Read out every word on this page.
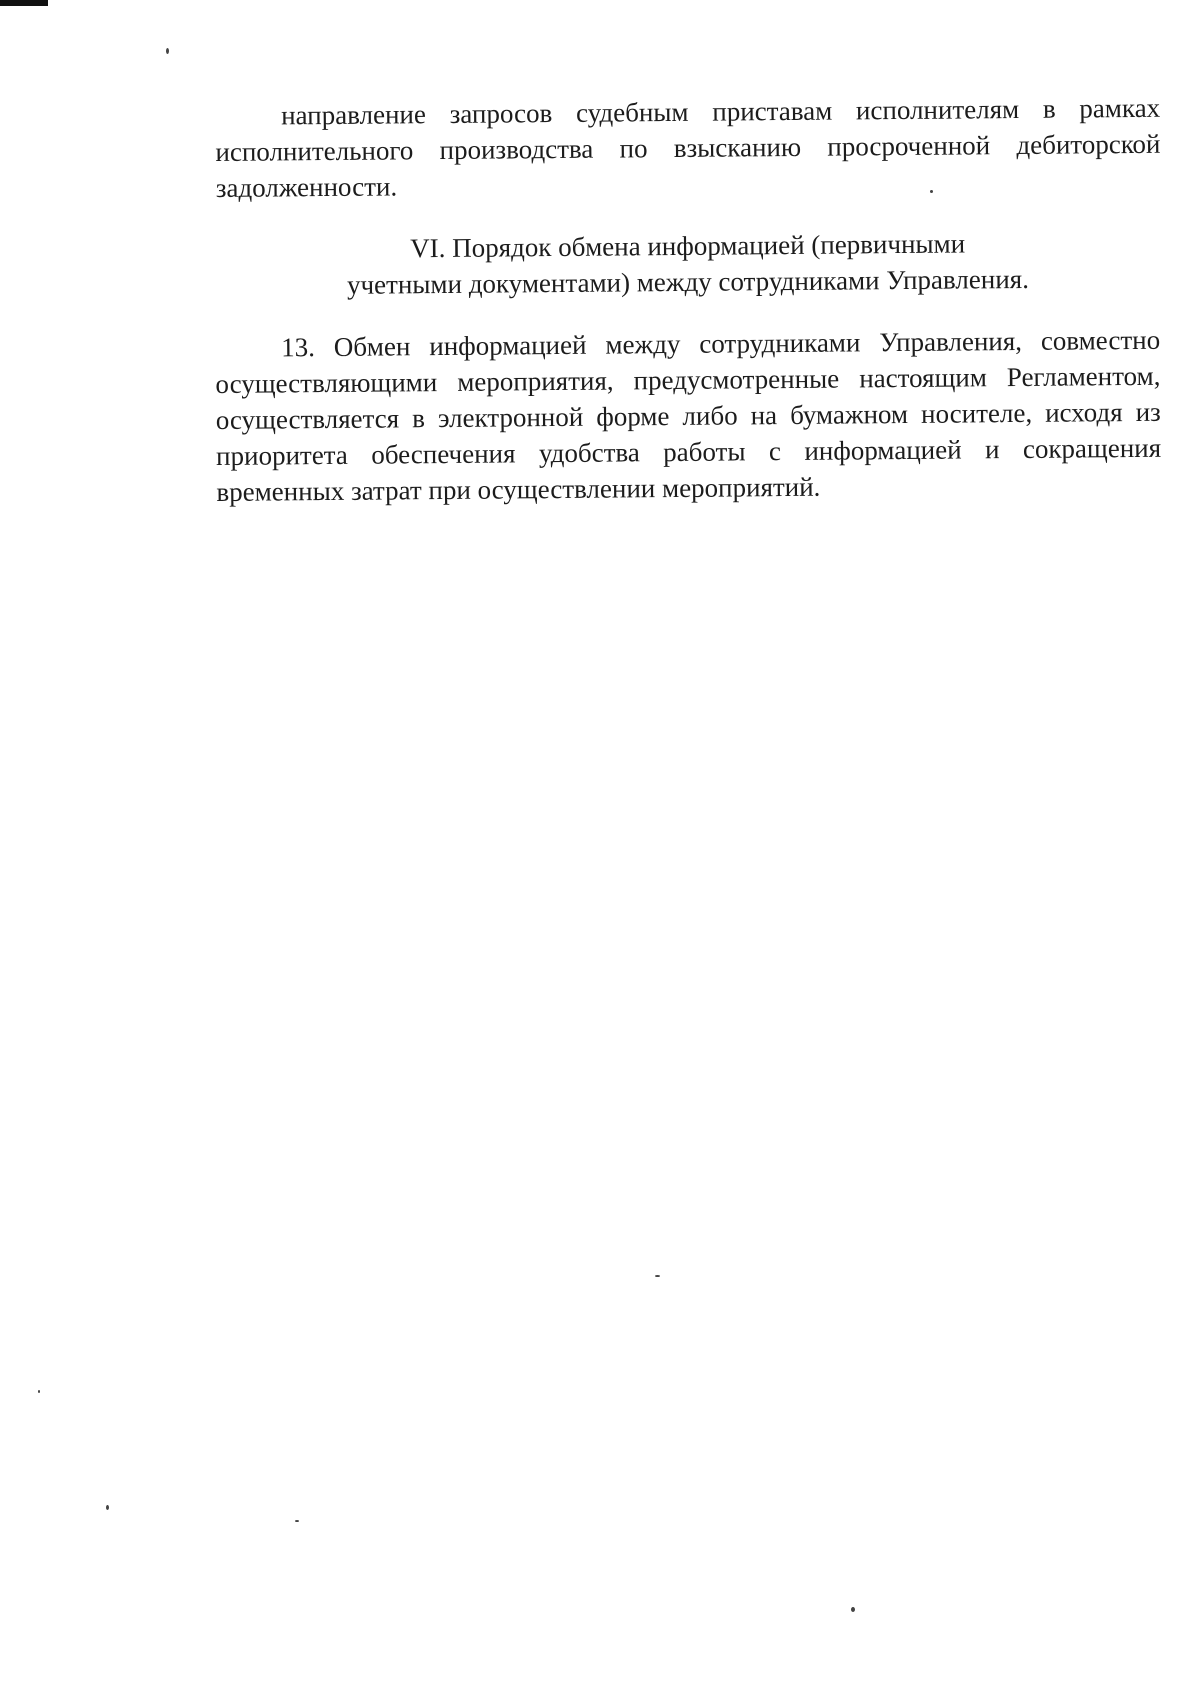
направление запросов судебным приставам исполнителям в рамках исполнительного производства по взысканию просроченной дебиторской задолженности.

VI. Порядок обмена информацией (первичными
учетными документами) между сотрудниками Управления.

13. Обмен информацией между сотрудниками Управления, совместно осуществляющими мероприятия, предусмотренные настоящим Регламентом, осуществляется в электронной форме либо на бумажном носителе, исходя из приоритета обеспечения удобства работы с информацией и сокращения временных затрат при осуществлении мероприятий.
